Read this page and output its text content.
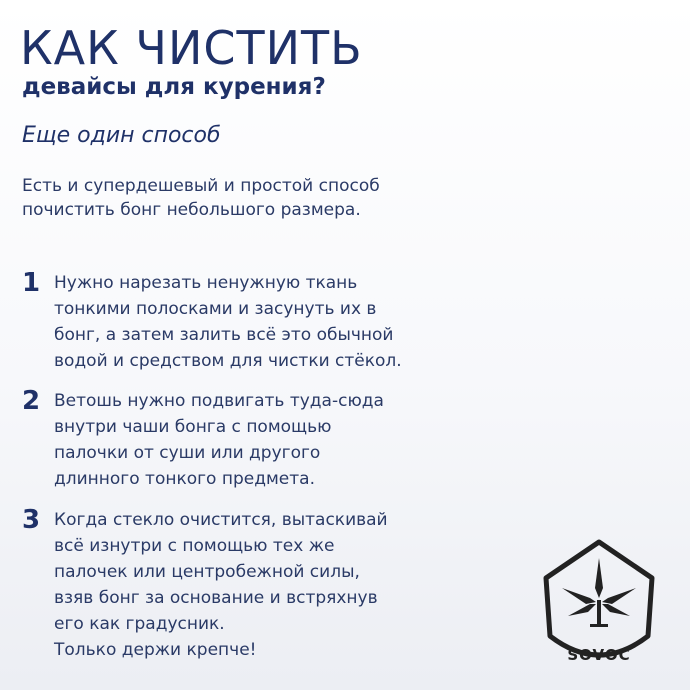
КАК ЧИСТИТЬ
девайсы для курения?
Еще один способ
Есть и супердешевый и простой способ почистить бонг небольшого размера.
1 Нужно нарезать ненужную ткань
тонкими полосками и засунуть их в
бонг, а затем залить всё это обычной
водой и средством для чистки стёкол.
2 Ветошь нужно подвигать туда-сюда
внутри чаши бонга с помощью
палочки от суши или другого
длинного тонкого предмета.
3 Когда стекло очистится, вытаскивай
всё изнутри с помощью тех же
палочек или центробежной силы,
взяв бонг за основание и встряхнув
его как градусник.
Только держи крепче!	SOVOC
